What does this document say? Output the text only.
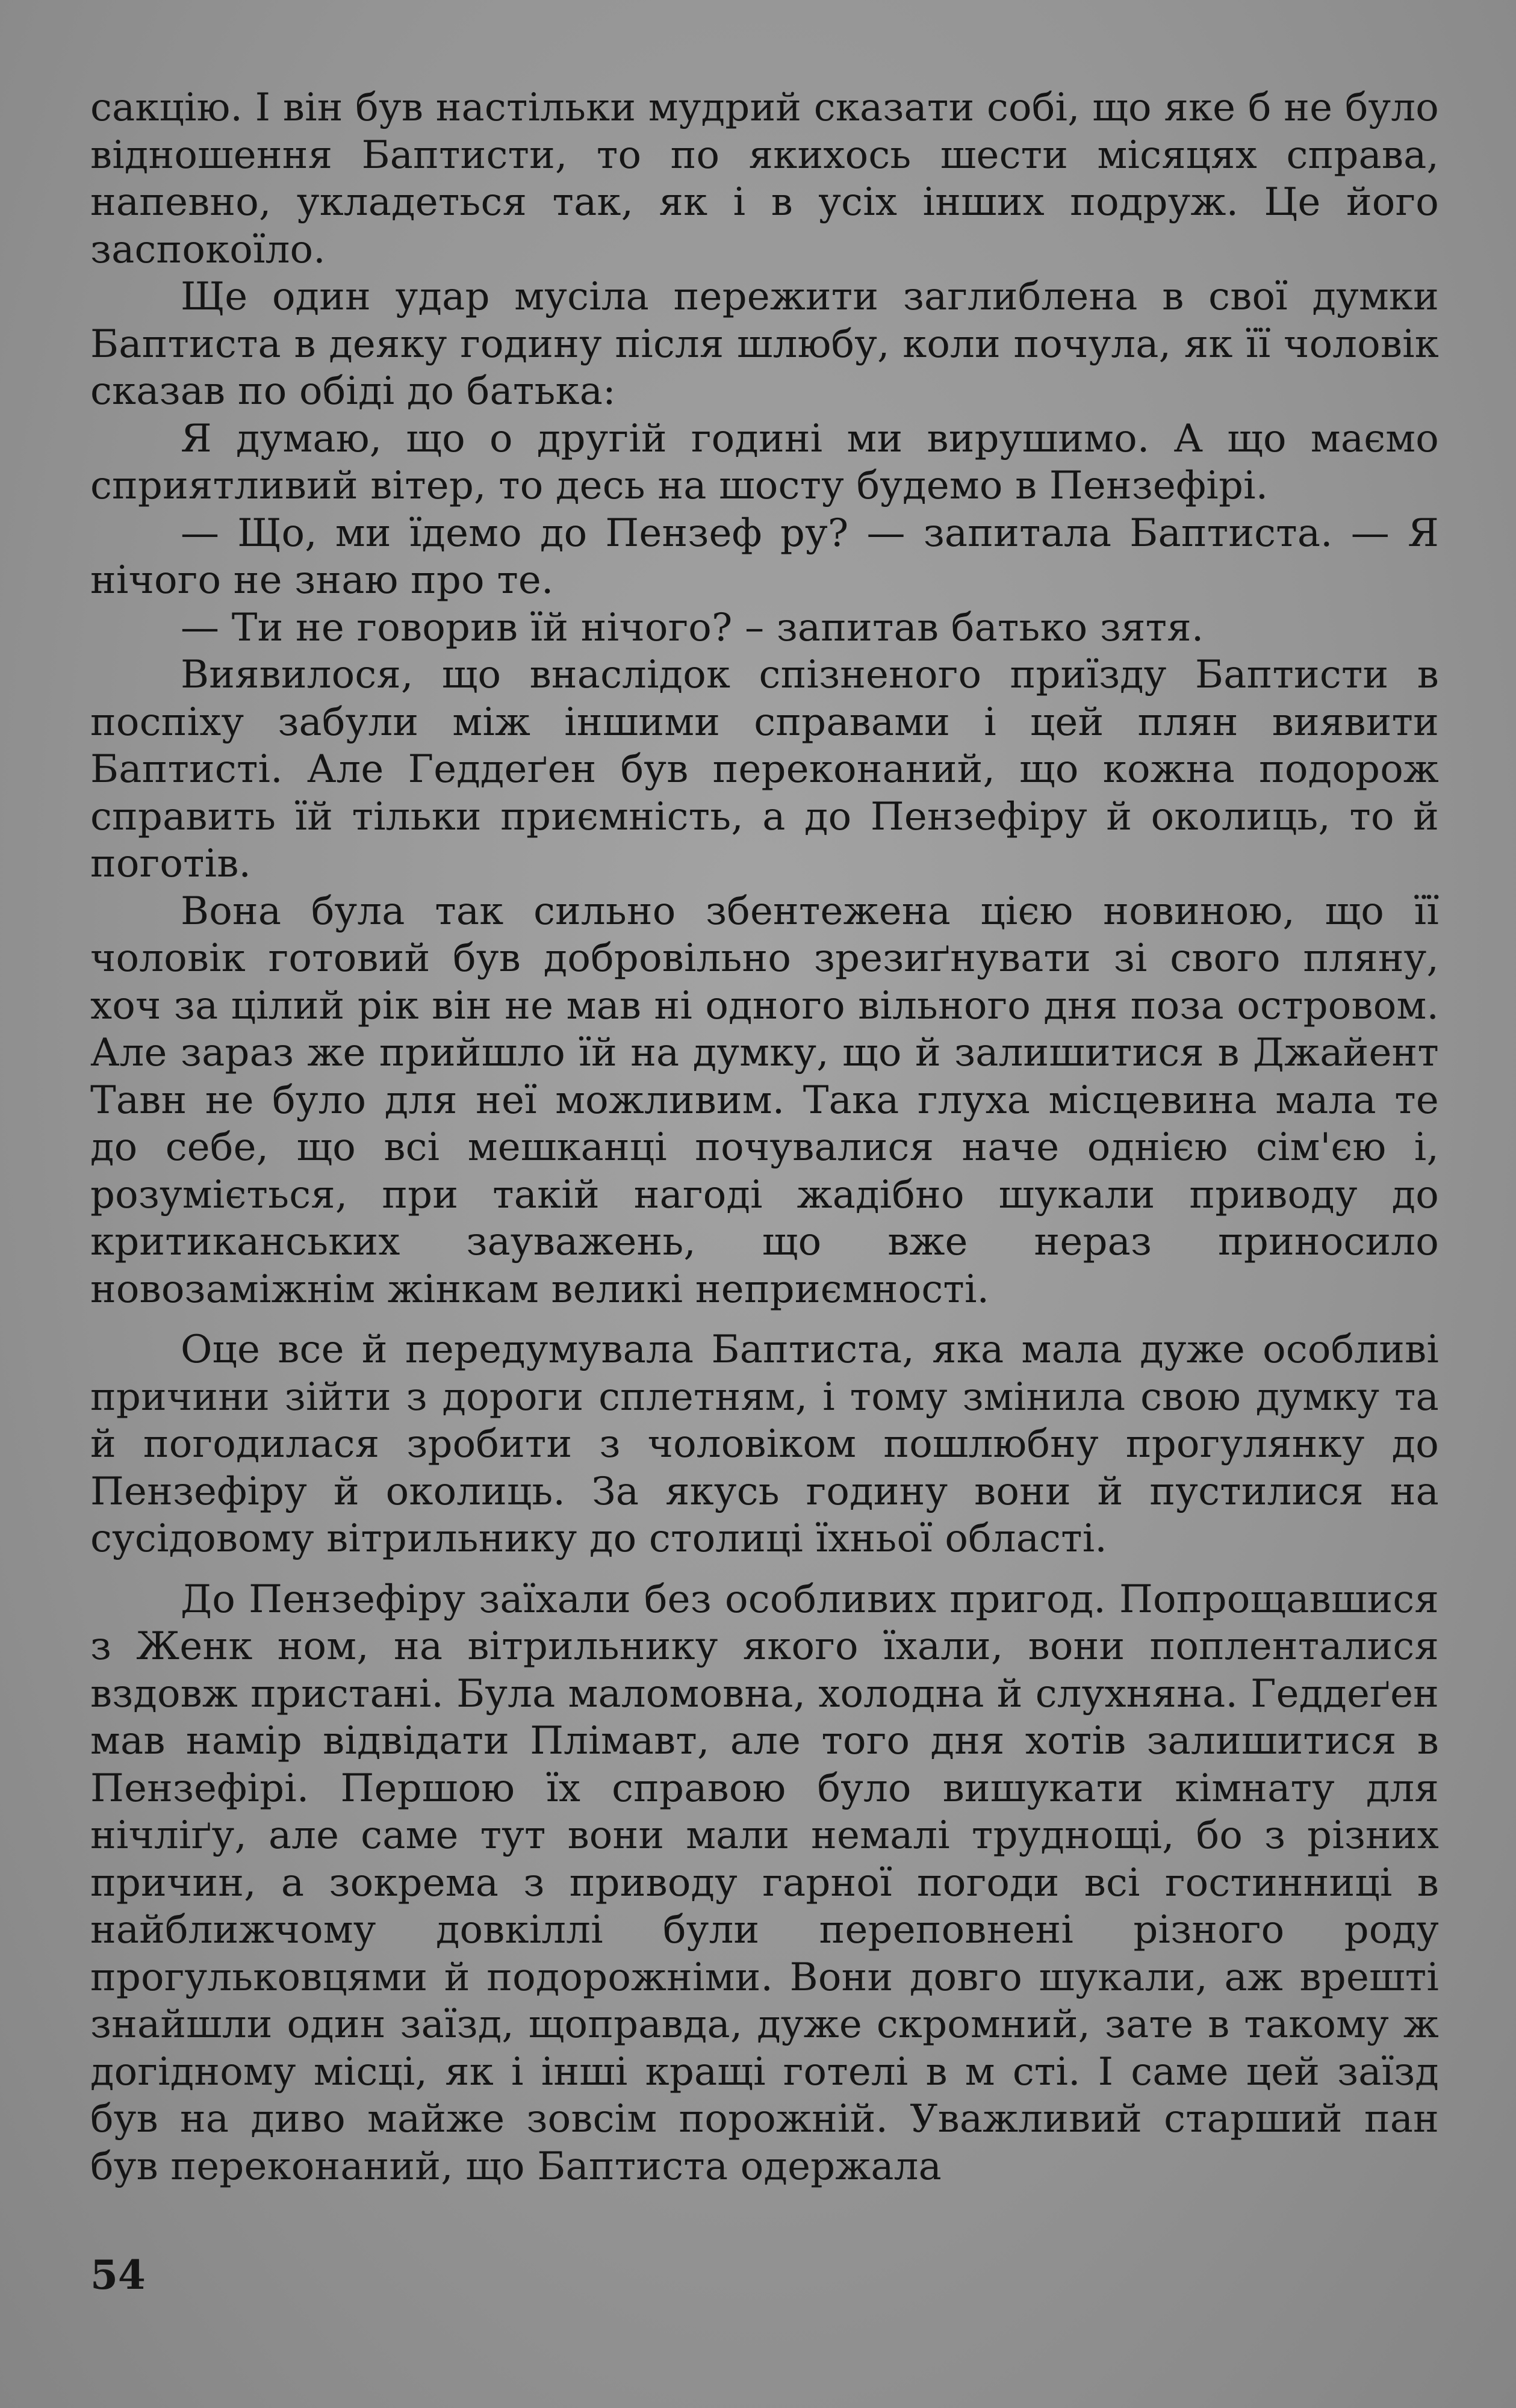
сакцію. І він був настільки мудрий сказати собі, що яке б не було відношення Баптисти, то по якихось шести місяцях справа, напевно, укладеться так, як і в усіх інших подруж. Це його заспокоїло.

Ще один удар мусіла пережити заглиблена в свої думки Баптиста в деяку годину після шлюбу, коли почула, як її чоловік сказав по обіді до батька:

Я думаю, що о другій годині ми вирушимо. А що маємо сприятливий вітер, то десь на шосту будемо в Пензефірі.

— Що, ми їдемо до Пензеф ру? — запитала Баптиста. — Я нічого не знаю про те.

— Ти не говорив їй нічого? – запитав батько зятя.

Виявилося, що внаслідок спізненого приїзду Баптисти в поспіху забули між іншими справами і цей плян виявити Баптисті. Але Геддеґен був переконаний, що кожна подорож справить їй тільки приємність, а до Пензефіру й околиць, то й поготів.

Вона була так сильно збентежена цією новиною, що її чоловік готовий був добровільно зрезиґнувати зі свого пляну, хоч за цілий рік він не мав ні одного вільного дня поза островом. Але зараз же прийшло їй на думку, що й залишитися в Джайент Тавн не було для неї можливим. Така глуха місцевина мала те до себе, що всі мешканці почувалися наче однією сім'єю і, розуміється, при такій нагоді жадібно шукали приводу до критиканських зауважень, що вже нераз приносило новозаміжнім жінкам великі неприємності.

Оце все й передумувала Баптиста, яка мала дуже особливі причини зійти з дороги сплетням, і тому змінила свою думку та й погодилася зробити з чоловіком пошлюбну прогулянку до Пензефіру й околиць. За якусь годину вони й пустилися на сусідовому вітрильнику до столиці їхньої області.

До Пензефіру заїхали без особливих пригод. Попрощавшися з Женк ном, на вітрильнику якого їхали, вони попленталися вздовж пристані. Була маломовна, холодна й слухняна. Геддеґен мав намір відвідати Плімавт, але того дня хотів залишитися в Пензефірі. Першою їх справою було вишукати кімнату для нічліґу, але саме тут вони мали немалі труднощі, бо з різних причин, а зокрема з приводу гарної погоди всі гостинниці в найближчому довкіллі були переповнені різного роду прогульковцями й подорожніми. Вони довго шукали, аж врешті знайшли один заїзд, щоправда, дуже скромний, зате в такому ж догідному місці, як і інші кращі готелі в м сті. І саме цей заїзд був на диво майже зовсім порожній. Уважливий старший пан був переконаний, що Баптиста одержала

54
